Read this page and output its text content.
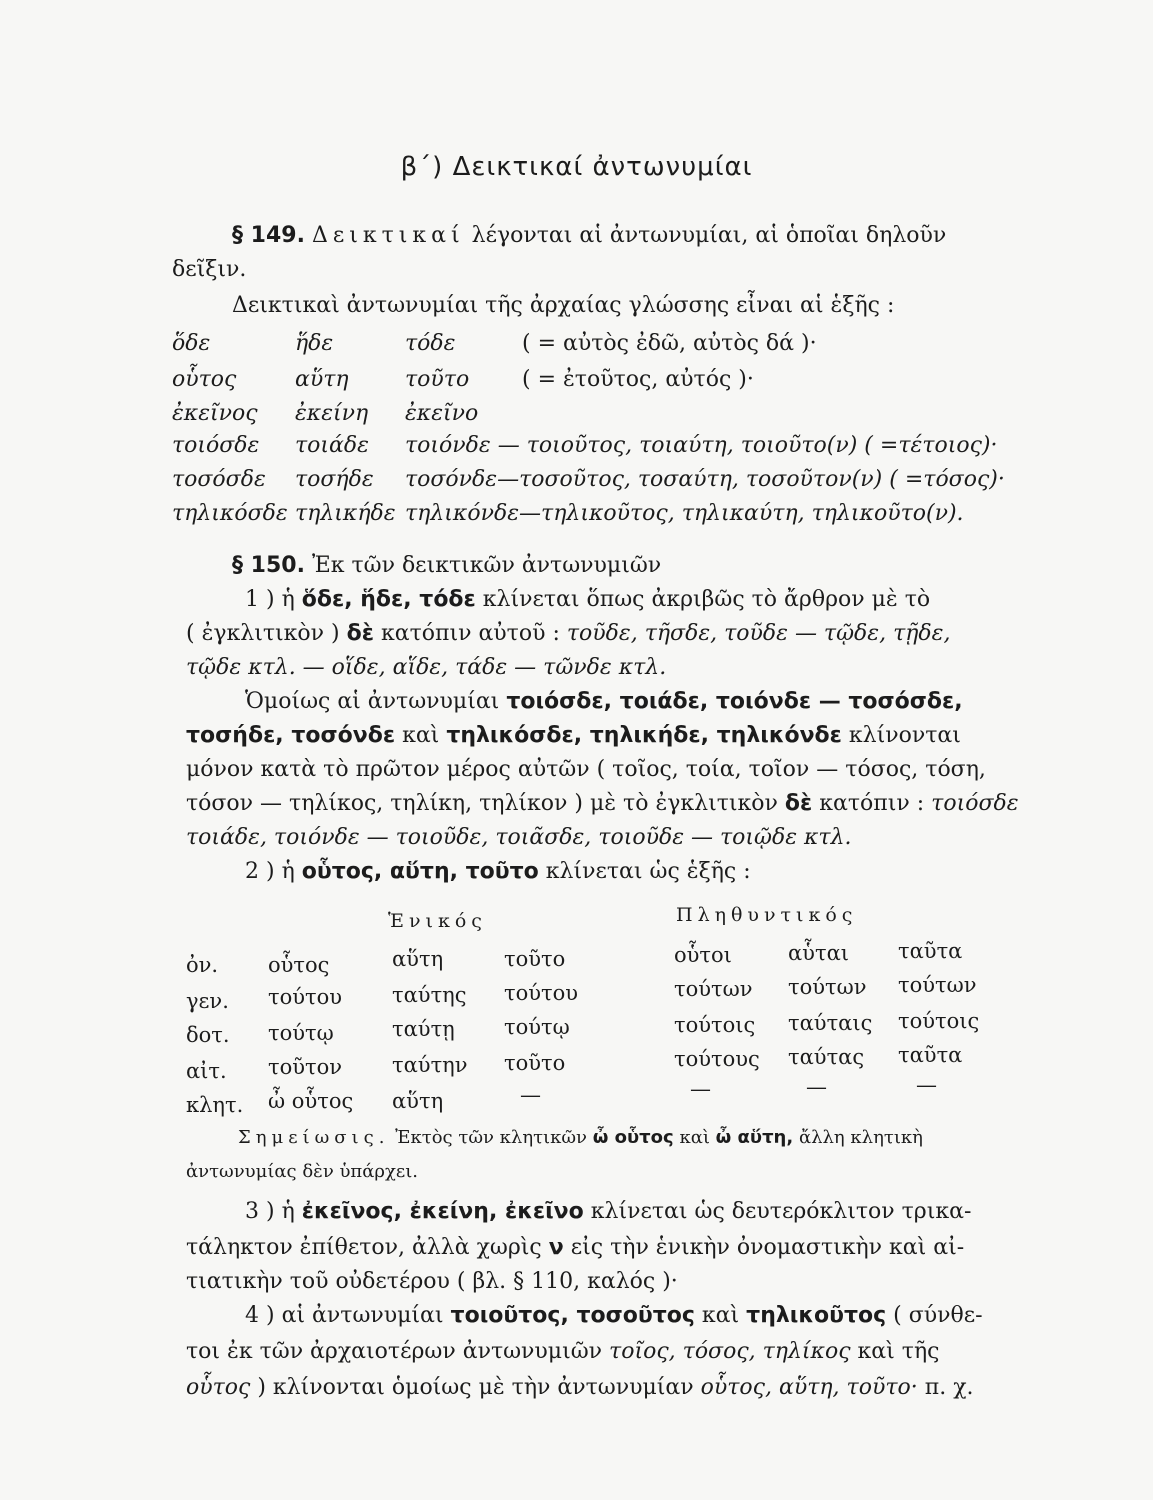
β΄) Δεικτικαί ἀντωνυμίαι
§ 149. Δεικτικαί λέγονται αἱ ἀντωνυμίαι, αἱ ὁποῖαι δηλοῦν
δεῖξιν.
Δεικτικαὶ ἀντωνυμίαι τῆς ἀρχαίας γλώσσης εἶναι αἱ ἑξῆς :
ὅδε	ἥδε	τόδε	( = αὐτὸς ἐδῶ, αὐτὸς δά )·
οὗτος	αὕτη	τοῦτο ( = ἐτοῦτος, αὐτός )·
ἐκεῖνος ἐκείνη ἐκεῖνο
τοιόσδε τοιάδε τοιόνδε — τοιοῦτος, τοιαύτη, τοιοῦτο(ν) ( =τέτοιος)·
τοσόσδε τοσήδε τοσόνδε—τοσοῦτος, τοσαύτη, τοσοῦτον(ν) ( =τόσος)·
τηλικόσδε τηλικήδε τηλικόνδε—τηλικοῦτος, τηλικαύτη, τηλικοῦτο(ν).
§ 150. Ἐκ τῶν δεικτικῶν ἀντωνυμιῶν
1 ) ἡ ὅδε, ἥδε, τόδε κλίνεται ὅπως ἀκριβῶς τὸ ἄρθρον μὲ τὸ
( ἐγκλιτικὸν ) δὲ κατόπιν αὐτοῦ : τοῦδε, τῆσδε, τοῦδε — τῷδε, τῇδε,
τῷδε κτλ. — οἵδε, αἵδε, τάδε — τῶνδε κτλ.
Ὁμοίως αἱ ἀντωνυμίαι τοιόσδε, τοιάδε, τοιόνδε — τοσόσδε,
τοσήδε, τοσόνδε καὶ τηλικόσδε, τηλικήδε, τηλικόνδε κλίνονται
μόνον κατὰ τὸ πρῶτον μέρος αὐτῶν ( τοῖος, τοία, τοῖον — τόσος, τόση,
τόσον — τηλίκος, τηλίκη, τηλίκον ) μὲ τὸ ἐγκλιτικὸν δὲ κατόπιν : τοιόσδε
τοιάδε, τοιόνδε — τοιοῦδε, τοιᾶσδε, τοιοῦδε — τοιῷδε κτλ.
2 ) ἡ οὗτος, αὕτη, τοῦτο κλίνεται ὡς ἑξῆς :
Ἑνικός	Πληθυντικός
ὀν. οὗτος	αὕτη	τοῦτο	οὗτοι	αὗται ταῦτα
γεν. τούτου ταύτης τούτου	τούτων τούτων τούτων
δοτ. τούτῳ	ταύτῃ τούτῳ	τούτοις ταύταις τούτοις
αἰτ. τοῦτον ταύτην τοῦτο	τούτους ταύτας ταῦτα
κλητ. ὦ οὗτος αὕτη	—	—	—	—
Σημείωσις. Ἐκτὸς τῶν κλητικῶν ὦ οὗτος καὶ ὦ αὕτη, ἄλλη κλητικὴ
ἀντωνυμίας δὲν ὑπάρχει.
3 ) ἡ ἐκεῖνος, ἐκείνη, ἐκεῖνο κλίνεται ὡς δευτερόκλιτον τρικα-
τάληκτον ἐπίθετον, ἀλλὰ χωρὶς ν εἰς τὴν ἑνικὴν ὀνομαστικὴν καὶ αἰ-
τιατικὴν τοῦ οὐδετέρου ( βλ. § 110, καλός )·
4 ) αἱ ἀντωνυμίαι τοιοῦτος, τοσοῦτος καὶ τηλικοῦτος ( σύνθε-
τοι ἐκ τῶν ἀρχαιοτέρων ἀντωνυμιῶν τοῖος, τόσος, τηλίκος καὶ τῆς
οὗτος ) κλίνονται ὁμοίως μὲ τὴν ἀντωνυμίαν οὗτος, αὕτη, τοῦτο· π. χ.
